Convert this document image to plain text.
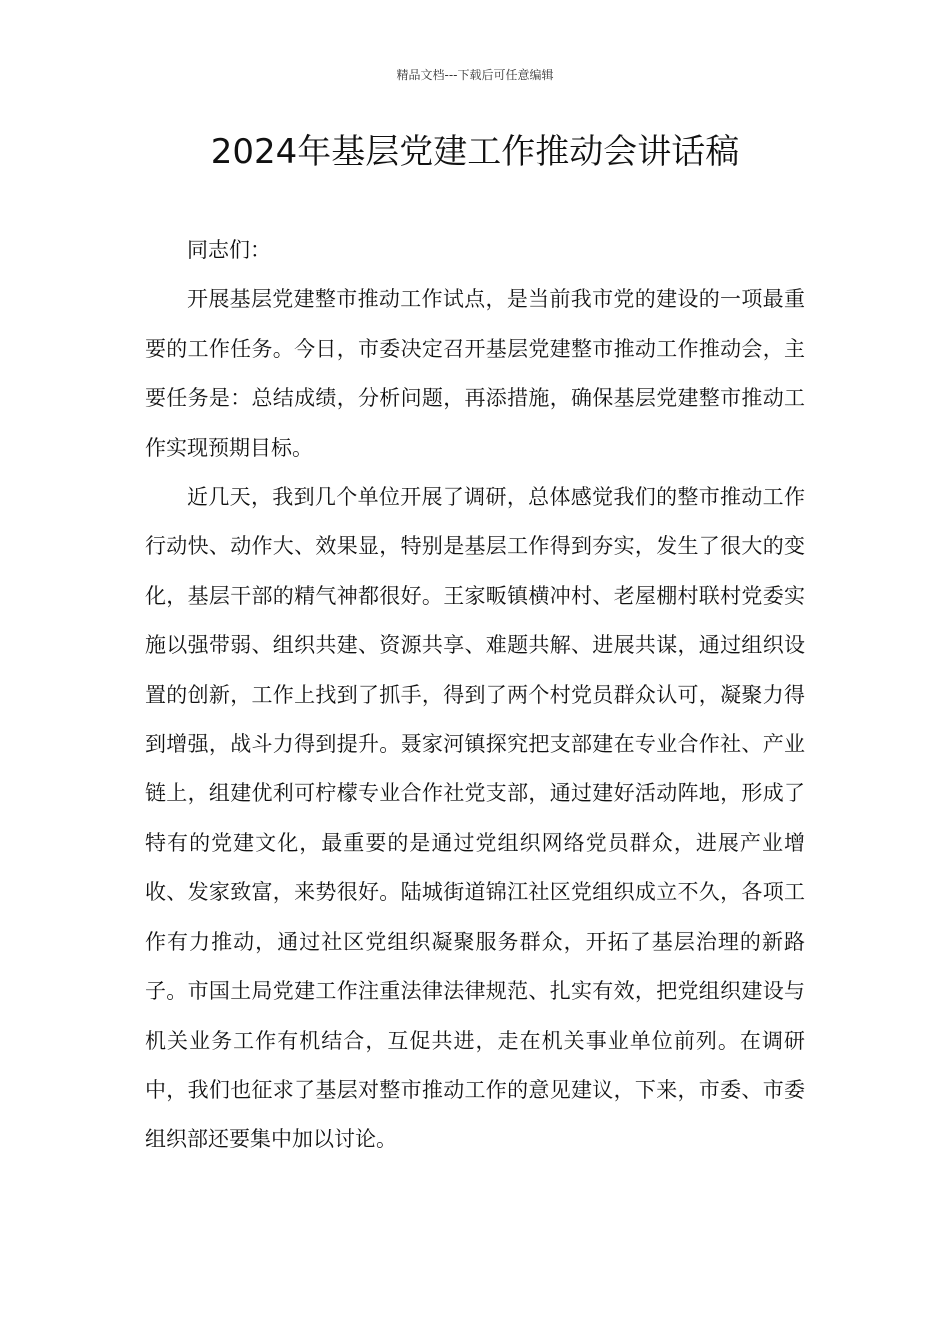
精品文档---下载后可任意编辑
2024年基层党建工作推动会讲话稿

同志们：

开展基层党建整市推动工作试点，是当前我市党的建设的一项最重要的工作任务。今日，市委决定召开基层党建整市推动工作推动会，主要任务是：总结成绩，分析问题，再添措施，确保基层党建整市推动工作实现预期目标。

近几天，我到几个单位开展了调研，总体感觉我们的整市推动工作行动快、动作大、效果显，特别是基层工作得到夯实，发生了很大的变化，基层干部的精气神都很好。王家畈镇横冲村、老屋棚村联村党委实施以强带弱、组织共建、资源共享、难题共解、进展共谋，通过组织设置的创新，工作上找到了抓手，得到了两个村党员群众认可，凝聚力得到增强，战斗力得到提升。聂家河镇探究把支部建在专业合作社、产业链上，组建优利可柠檬专业合作社党支部，通过建好活动阵地，形成了特有的党建文化，最重要的是通过党组织网络党员群众，进展产业增收、发家致富，来势很好。陆城街道锦江社区党组织成立不久，各项工作有力推动，通过社区党组织凝聚服务群众，开拓了基层治理的新路子。市国土局党建工作注重法律法律规范、扎实有效，把党组织建设与机关业务工作有机结合，互促共进，走在机关事业单位前列。在调研中，我们也征求了基层对整市推动工作的意见建议，下来，市委、市委组织部还要集中加以讨论。
